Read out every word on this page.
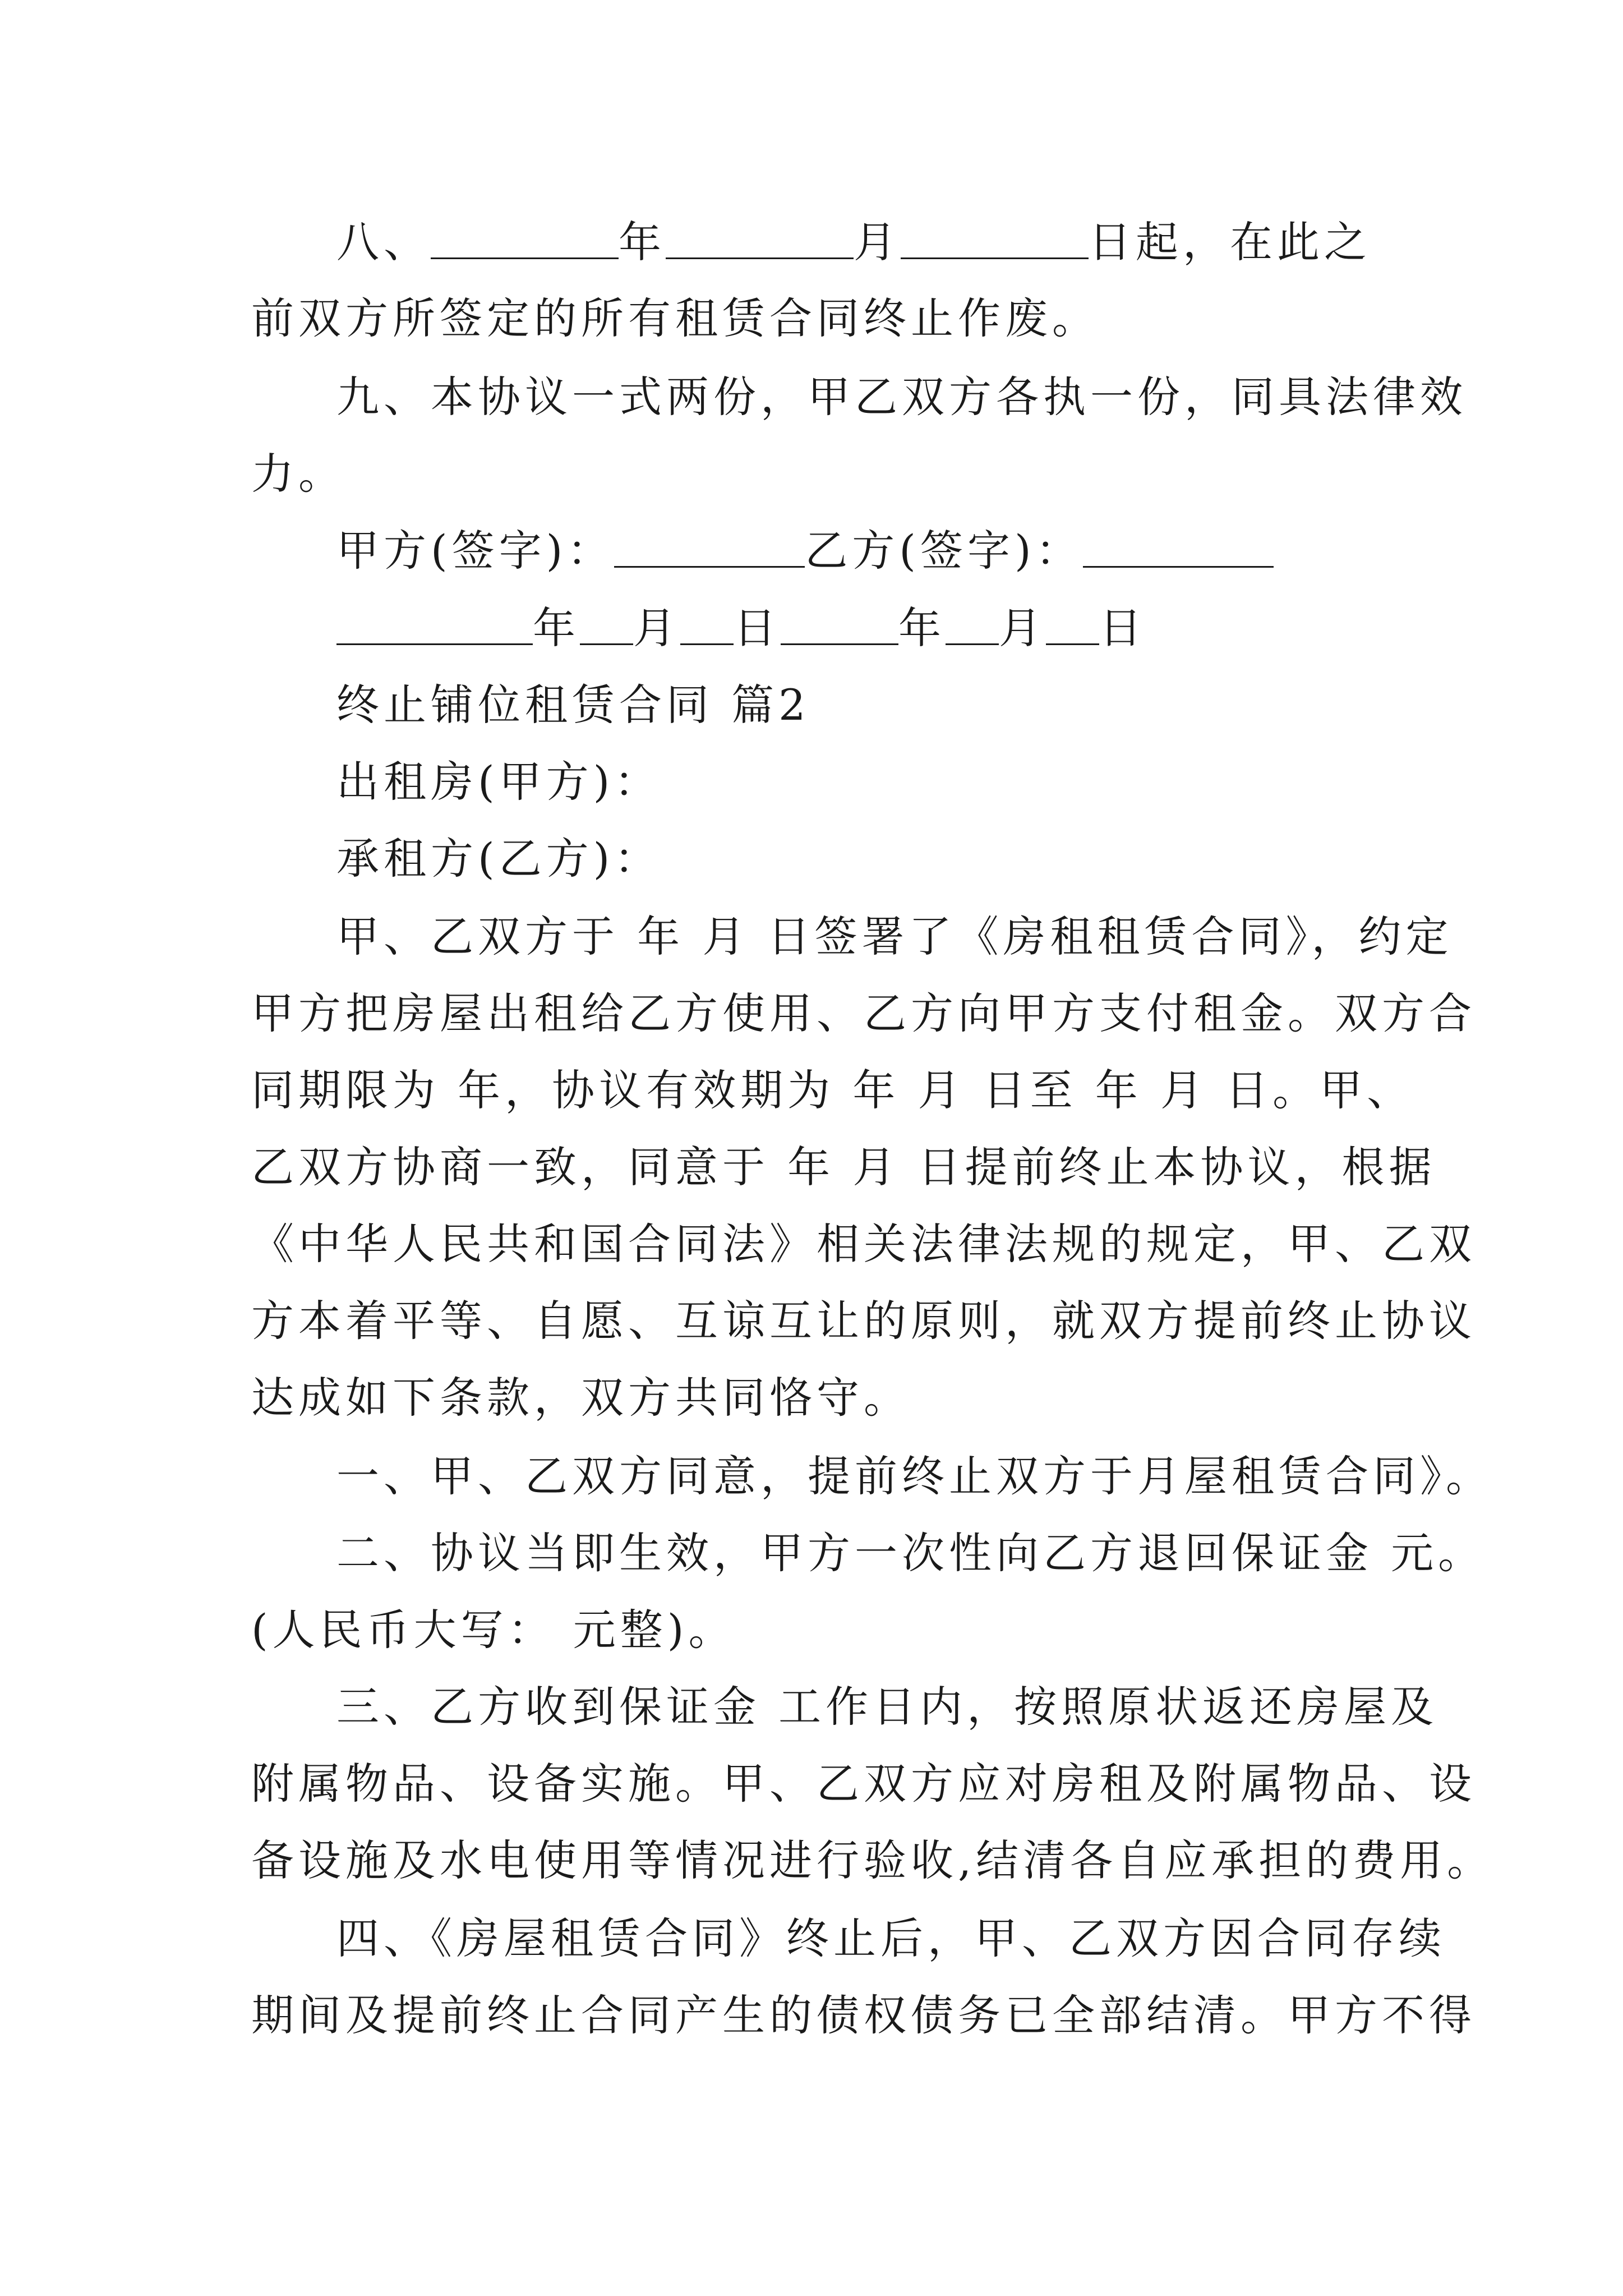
八、	年	月	日起，在此之
前双方所签定的所有租赁合同终止作废。
九、本协议一式两份，甲乙双方各执一份，同具法律效
力。
甲方(签字)：	乙方(签字)：
年 月 日	年 月 日
终止铺位租赁合同 篇2
出租房(甲方)：
承租方(乙方)：
甲、乙双方于 年 月 日签署了《房租租赁合同》，约定
甲方把房屋出租给乙方使用、乙方向甲方支付租金。双方合
同期限为 年，协议有效期为 年 月 日至 年 月 日。甲、
乙双方协商一致，同意于 年 月 日提前终止本协议，根据
《中华人民共和国合同法》相关法律法规的规定，甲、乙双
方本着平等、自愿、互谅互让的原则，就双方提前终止协议
达成如下条款，双方共同恪守。
一、甲、乙双方同意，提前终止双方于月屋租赁合同》。
二、协议当即生效，甲方一次性向乙方退回保证金 元。
(人民币大写： 元整)。
三、乙方收到保证金 工作日内，按照原状返还房屋及
附属物品、设备实施。甲、乙双方应对房租及附属物品、设
备设施及水电使用等情况进行验收,结清各自应承担的费用。
四、《房屋租赁合同》终止后，甲、乙双方因合同存续
期间及提前终止合同产生的债权债务已全部结清。甲方不得
